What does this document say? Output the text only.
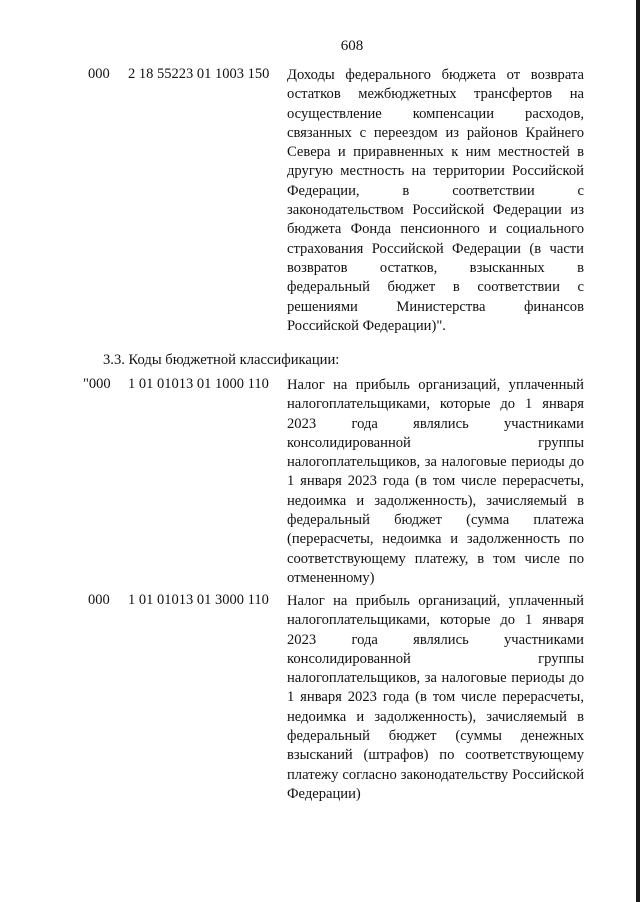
608
000 2 18 55223 01 1003 150 Доходы федерального бюджета от возврата остатков межбюджетных трансфертов на осуществление компенсации расходов, связанных с переездом из районов Крайнего Севера и приравненных к ним местностей в другую местность на территории Российской Федерации, в соответствии с законодательством Российской Федерации из бюджета Фонда пенсионного и социального страхования Российской Федерации (в части возвратов остатков, взысканных в федеральный бюджет в соответствии с решениями Министерства финансов Российской Федерации)".
3.3. Коды бюджетной классификации:
"000 1 01 01013 01 1000 110 Налог на прибыль организаций, уплаченный налогоплательщиками, которые до 1 января 2023 года являлись участниками консолидированной группы налогоплательщиков, за налоговые периоды до 1 января 2023 года (в том числе перерасчеты, недоимка и задолженность), зачисляемый в федеральный бюджет (сумма платежа (перерасчеты, недоимка и задолженность по соответствующему платежу, в том числе по отмененному)
000 1 01 01013 01 3000 110 Налог на прибыль организаций, уплаченный налогоплательщиками, которые до 1 января 2023 года являлись участниками консолидированной группы налогоплательщиков, за налоговые периоды до 1 января 2023 года (в том числе перерасчеты, недоимка и задолженность), зачисляемый в федеральный бюджет (суммы денежных взысканий (штрафов) по соответствующему платежу согласно законодательству Российской Федерации)
